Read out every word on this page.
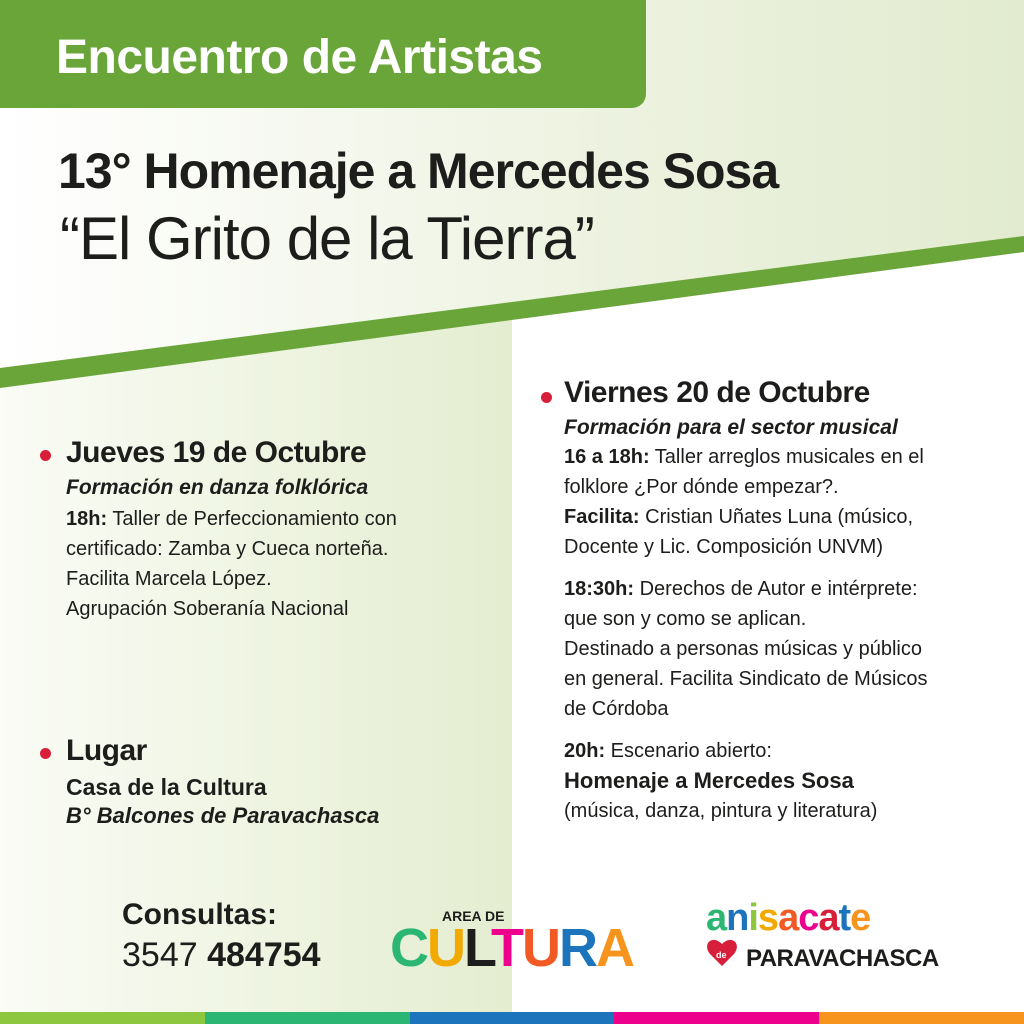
Encuentro de Artistas
13° Homenaje a Mercedes Sosa
“El Grito de la Tierra”
Jueves 19 de Octubre
Formación en danza folklórica
18h: Taller de Perfeccionamiento con
certificado: Zamba y Cueca norteña.
Facilita Marcela López.
Agrupación Soberanía Nacional
Lugar
Casa de la Cultura
B° Balcones de Paravachasca
Viernes 20 de Octubre
Formación para el sector musical
16 a 18h: Taller arreglos musicales en el
folklore ¿Por dónde empezar?.
Facilita: Cristian Uñates Luna (músico,
Docente y Lic. Composición UNVM)
18:30h: Derechos de Autor e intérprete:
que son y como se aplican.
Destinado a personas músicas y público
en general. Facilita Sindicato de Músicos
de Córdoba
20h: Escenario abierto:
Homenaje a Mercedes Sosa
(música, danza, pintura y literatura)
Consultas:
3547 484754
AREA DE
CULTURA anisacate
de PARAVACHASCA
